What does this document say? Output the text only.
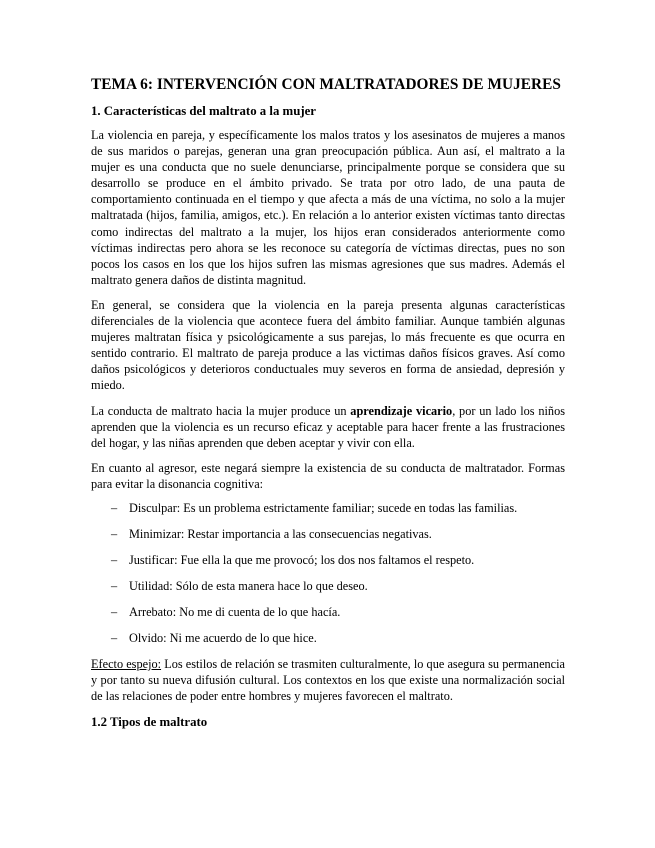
TEMA 6: INTERVENCIÓN CON MALTRATADORES DE MUJERES
1. Características del maltrato a la mujer

La violencia en pareja, y específicamente los malos tratos y los asesinatos de mujeres a manos de sus maridos o parejas, generan una gran preocupación pública. Aun así, el maltrato a la mujer es una conducta que no suele denunciarse, principalmente porque se considera que su desarrollo se produce en el ámbito privado. Se trata por otro lado, de una pauta de comportamiento continuada en el tiempo y que afecta a más de una víctima, no solo a la mujer maltratada (hijos, familia, amigos, etc.). En relación a lo anterior existen víctimas tanto directas como indirectas del maltrato a la mujer, los hijos eran considerados anteriormente como víctimas indirectas pero ahora se les reconoce su categoría de víctimas directas, pues no son pocos los casos en los que los hijos sufren las mismas agresiones que sus madres. Además el maltrato genera daños de distinta magnitud.

En general, se considera que la violencia en la pareja presenta algunas características diferenciales de la violencia que acontece fuera del ámbito familiar. Aunque también algunas mujeres maltratan física y psicológicamente a sus parejas, lo más frecuente es que ocurra en sentido contrario. El maltrato de pareja produce a las victimas daños físicos graves. Así como daños psicológicos y deterioros conductuales muy severos en forma de ansiedad, depresión y miedo.

La conducta de maltrato hacia la mujer produce un aprendizaje vicario, por un lado los niños aprenden que la violencia es un recurso eficaz y aceptable para hacer frente a las frustraciones del hogar, y las niñas aprenden que deben aceptar y vivir con ella.

En cuanto al agresor, este negará siempre la existencia de su conducta de maltratador. Formas para evitar la disonancia cognitiva:

– Disculpar: Es un problema estrictamente familiar; sucede en todas las familias.
– Minimizar: Restar importancia a las consecuencias negativas.
– Justificar: Fue ella la que me provocó; los dos nos faltamos el respeto.
– Utilidad: Sólo de esta manera hace lo que deseo.
– Arrebato: No me di cuenta de lo que hacía.
– Olvido: Ni me acuerdo de lo que hice.

Efecto espejo: Los estilos de relación se trasmiten culturalmente, lo que asegura su permanencia y por tanto su nueva difusión cultural. Los contextos en los que existe una normalización social de las relaciones de poder entre hombres y mujeres favorecen el maltrato.

1.2 Tipos de maltrato
